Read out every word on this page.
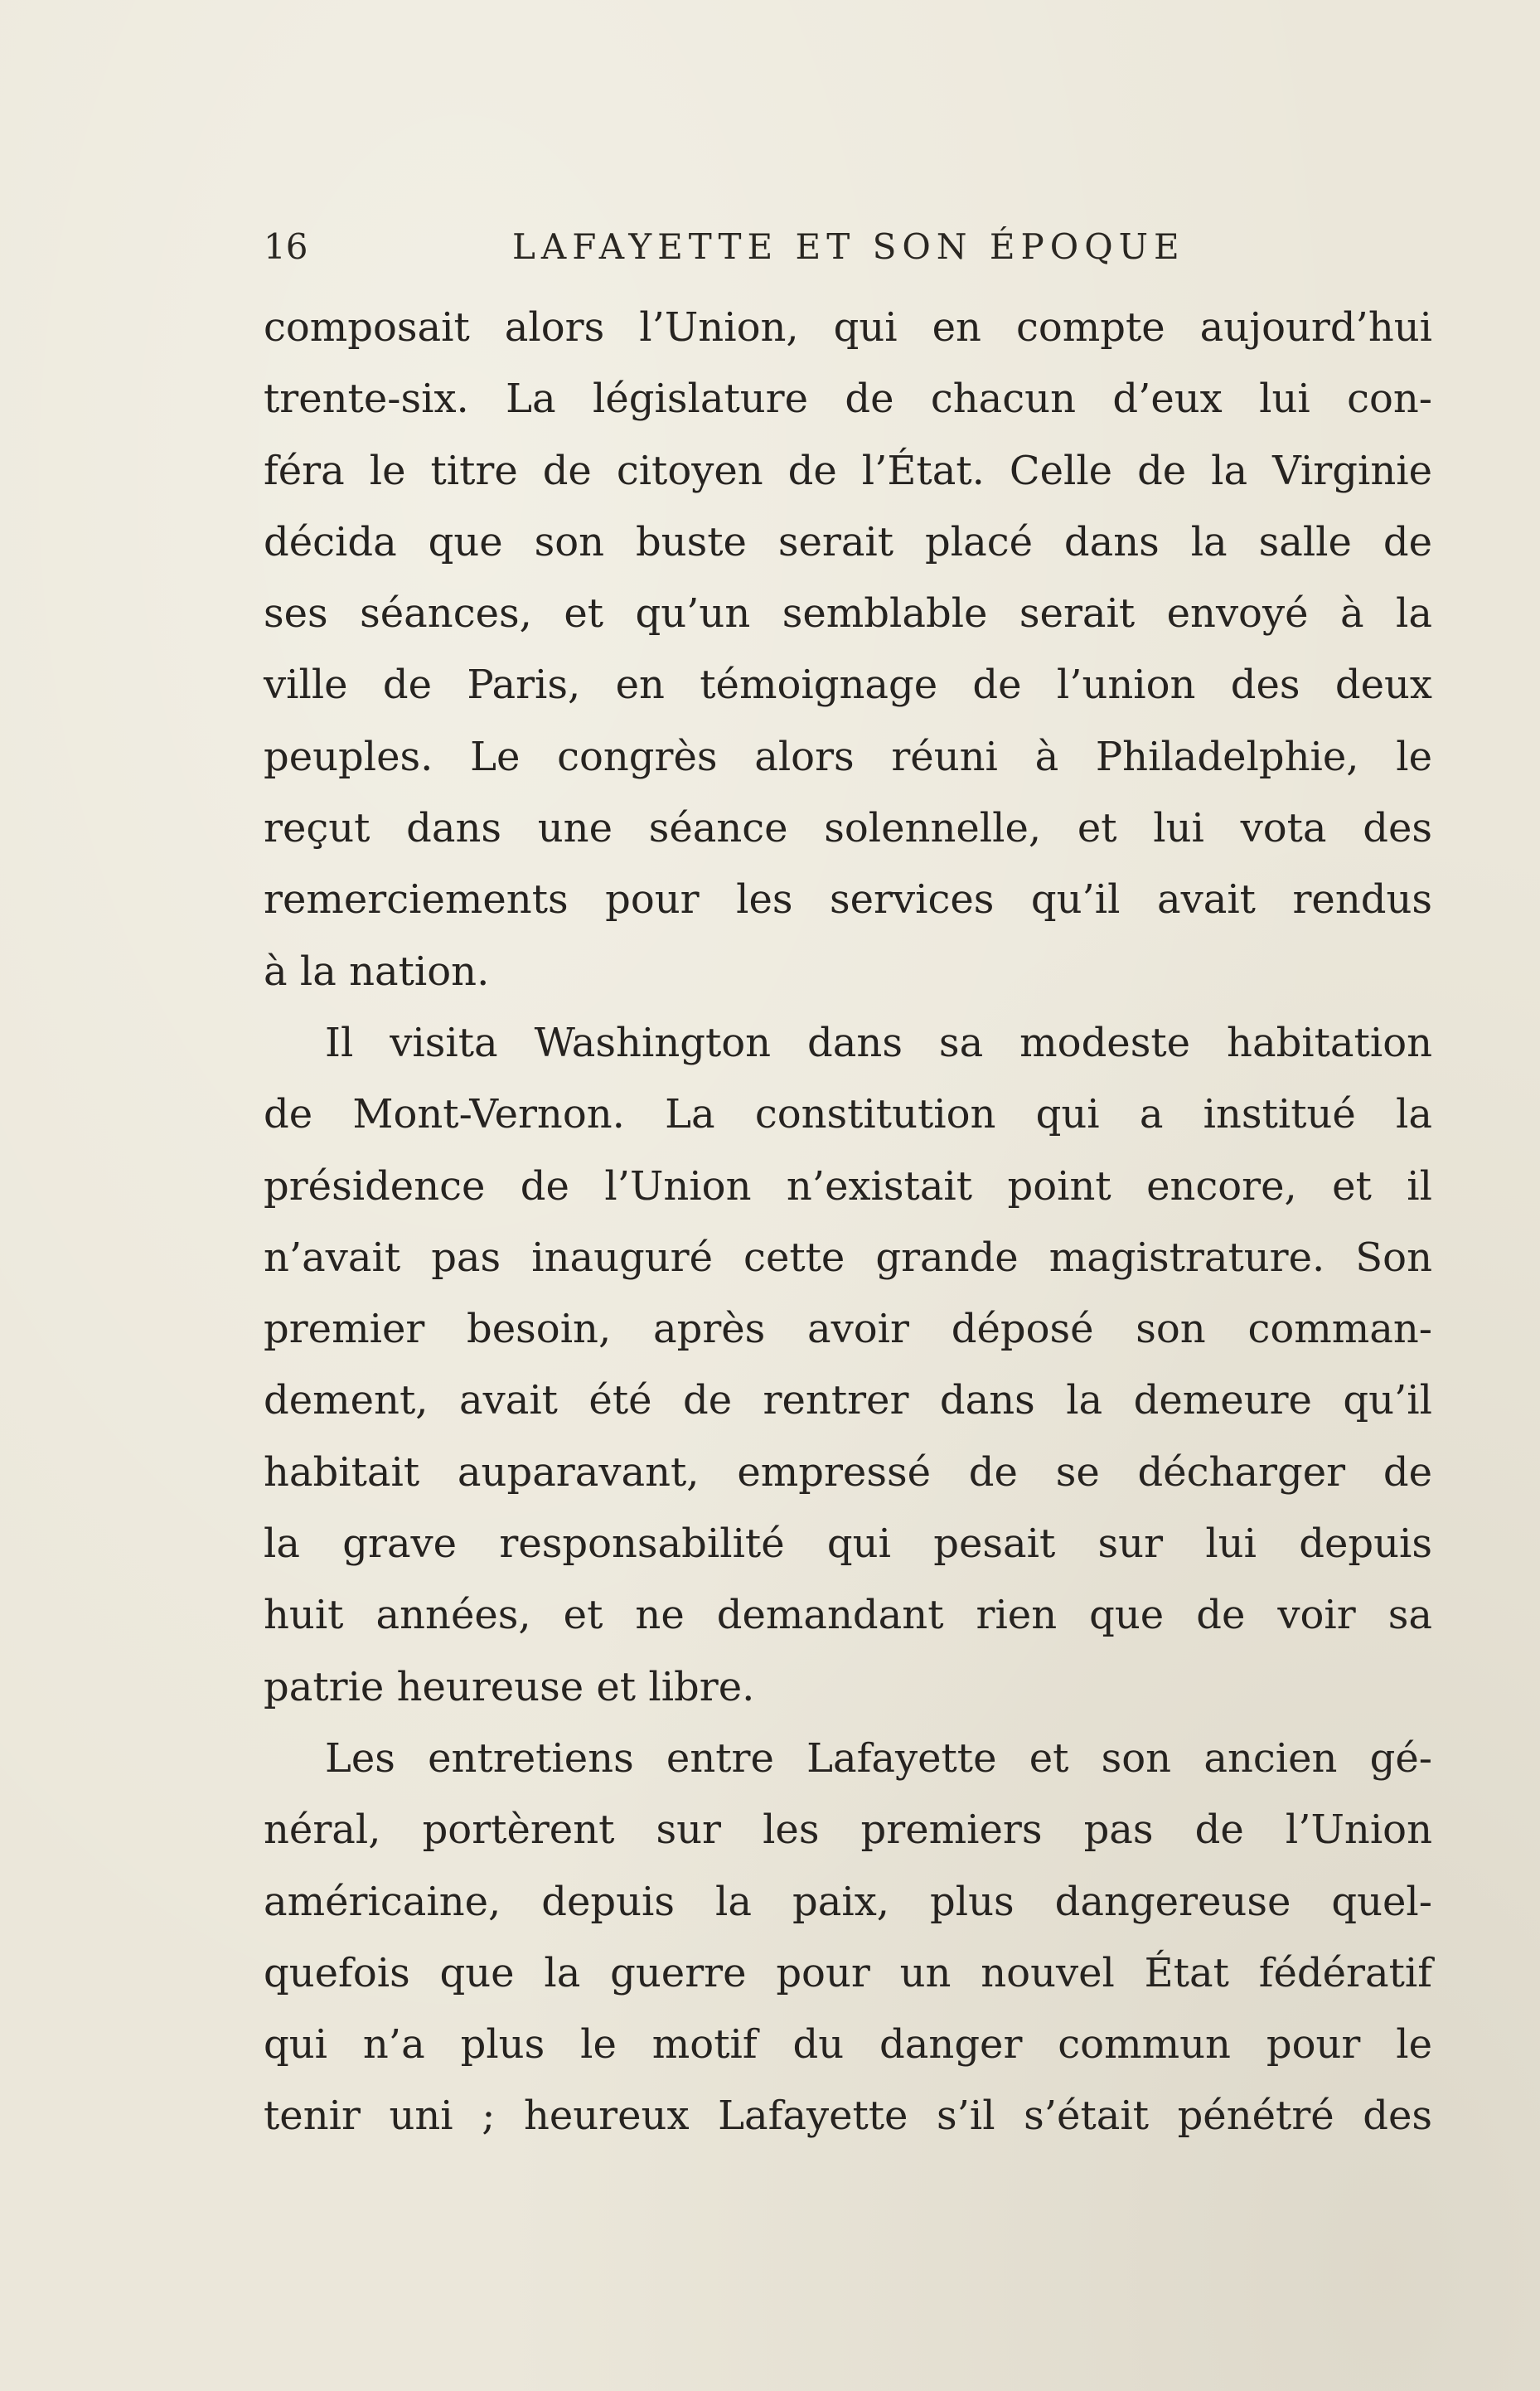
16	LAFAYETTE ET SON ÉPOQUE
composait alors l’Union, qui en compte aujourd’hui
trente-six. La législature de chacun d’eux lui con-
féra le titre de citoyen de l’État. Celle de la Virginie
décida que son buste serait placé dans la salle de
ses séances, et qu’un semblable serait envoyé à la
ville de Paris, en témoignage de l’union des deux
peuples. Le congrès alors réuni à Philadelphie, le
reçut dans une séance solennelle, et lui vota des
remerciements pour les services qu’il avait rendus
à la nation.
Il visita Washington dans sa modeste habitation
de Mont-Vernon. La constitution qui a institué la
présidence de l’Union n’existait point encore, et il
n’avait pas inauguré cette grande magistrature. Son
premier besoin, après avoir déposé son comman-
dement, avait été de rentrer dans la demeure qu’il
habitait auparavant, empressé de se décharger de
la grave responsabilité qui pesait sur lui depuis
huit années, et ne demandant rien que de voir sa
patrie heureuse et libre.
Les entretiens entre Lafayette et son ancien gé-
néral, portèrent sur les premiers pas de l’Union
américaine, depuis la paix, plus dangereuse quel-
quefois que la guerre pour un nouvel État fédératif
qui n’a plus le motif du danger commun pour le
tenir uni ; heureux Lafayette s’il s’était pénétré des
